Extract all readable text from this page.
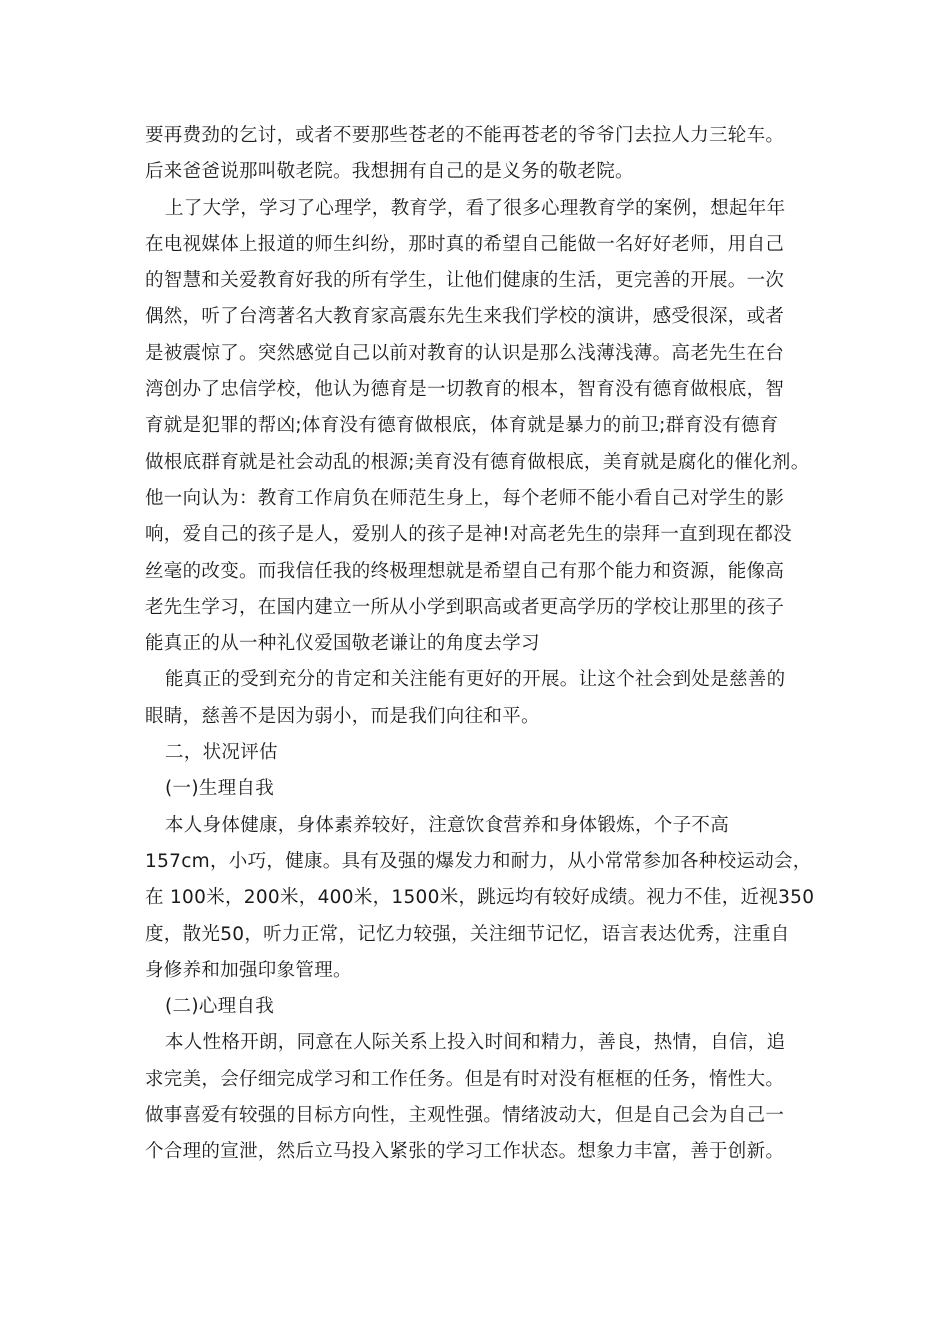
要再费劲的乞讨，或者不要那些苍老的不能再苍老的爷爷门去拉人力三轮车。
后来爸爸说那叫敬老院。我想拥有自己的是义务的敬老院。
上了大学，学习了心理学，教育学，看了很多心理教育学的案例，想起年年
在电视媒体上报道的师生纠纷，那时真的希望自己能做一名好好老师，用自己
的智慧和关爱教育好我的所有学生，让他们健康的生活，更完善的开展。一次
偶然，听了台湾著名大教育家高震东先生来我们学校的演讲，感受很深，或者
是被震惊了。突然感觉自己以前对教育的认识是那么浅薄浅薄。高老先生在台
湾创办了忠信学校，他认为德育是一切教育的根本，智育没有德育做根底，智
育就是犯罪的帮凶;体育没有德育做根底，体育就是暴力的前卫;群育没有德育
做根底群育就是社会动乱的根源;美育没有德育做根底，美育就是腐化的催化剂。
他一向认为：教育工作肩负在师范生身上，每个老师不能小看自己对学生的影
响，爱自己的孩子是人，爱别人的孩子是神!对高老先生的崇拜一直到现在都没
丝毫的改变。而我信任我的终极理想就是希望自己有那个能力和资源，能像高
老先生学习，在国内建立一所从小学到职高或者更高学历的学校让那里的孩子
能真正的从一种礼仪爱国敬老谦让的角度去学习
能真正的受到充分的肯定和关注能有更好的开展。让这个社会到处是慈善的
眼睛，慈善不是因为弱小，而是我们向往和平。
二，状况评估
(一)生理自我
本人身体健康，身体素养较好，注意饮食营养和身体锻炼，个子不高
157cm，小巧，健康。具有及强的爆发力和耐力，从小常常参加各种校运动会，
在 100米，200米，400米，1500米，跳远均有较好成绩。视力不佳，近视350
度，散光50，听力正常，记忆力较强，关注细节记忆，语言表达优秀，注重自
身修养和加强印象管理。
(二)心理自我
本人性格开朗，同意在人际关系上投入时间和精力，善良，热情，自信，追
求完美，会仔细完成学习和工作任务。但是有时对没有框框的任务，惰性大。
做事喜爱有较强的目标方向性，主观性强。情绪波动大，但是自己会为自己一
个合理的宣泄，然后立马投入紧张的学习工作状态。想象力丰富，善于创新。
